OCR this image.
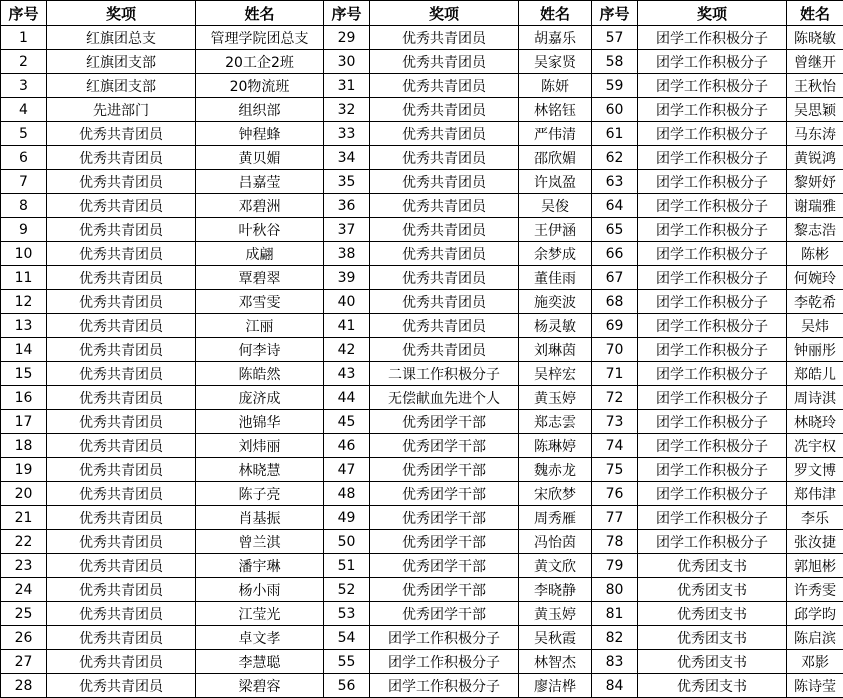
序号	奖项	姓名	序号	奖项	姓名	序号	奖项	姓名
1	红旗团总支	管理学院团总支	29	优秀共青团员	胡嘉乐	57	团学工作积极分子	陈晓敏
2	红旗团支部	20工企2班	30	优秀共青团员	吴家贤	58	团学工作积极分子	曾继开
3	红旗团支部	20物流班	31	优秀共青团员	陈妍	59	团学工作积极分子	王秋怡
4	先进部门	组织部	32	优秀共青团员	林铭钰	60	团学工作积极分子	吴思颖
5	优秀共青团员	钟程蜂	33	优秀共青团员	严伟清	61	团学工作积极分子	马东涛
6	优秀共青团员	黄贝媚	34	优秀共青团员	邵欣媚	62	团学工作积极分子	黄锐鸿
7	优秀共青团员	吕嘉莹	35	优秀共青团员	许岚盈	63	团学工作积极分子	黎妍妤
8	优秀共青团员	邓碧洲	36	优秀共青团员	吴俊	64	团学工作积极分子	谢瑞雅
9	优秀共青团员	叶秋谷	37	优秀共青团员	王伊涵	65	团学工作积极分子	黎志浩
10	优秀共青团员	成翩	38	优秀共青团员	余梦成	66	团学工作积极分子	陈彬
11	优秀共青团员	覃碧翠	39	优秀共青团员	董佳雨	67	团学工作积极分子	何婉玲
12	优秀共青团员	邓雪雯	40	优秀共青团员	施奕波	68	团学工作积极分子	李乾希
13	优秀共青团员	江丽	41	优秀共青团员	杨灵敏	69	团学工作积极分子	吴炜
14	优秀共青团员	何李诗	42	优秀共青团员	刘琳茵	70	团学工作积极分子	钟丽彤
15	优秀共青团员	陈皓然	43	二课工作积极分子	吴梓宏	71	团学工作积极分子	郑皓儿
16	优秀共青团员	庞济成	44	无偿献血先进个人	黄玉婷	72	团学工作积极分子	周诗淇
17	优秀共青团员	池锦华	45	优秀团学干部	郑志雲	73	团学工作积极分子	林晓玲
18	优秀共青团员	刘炜丽	46	优秀团学干部	陈琳婷	74	团学工作积极分子	冼宇权
19	优秀共青团员	林晓慧	47	优秀团学干部	魏赤龙	75	团学工作积极分子	罗文博
20	优秀共青团员	陈子亮	48	优秀团学干部	宋欣梦	76	团学工作积极分子	郑伟津
21	优秀共青团员	肖基振	49	优秀团学干部	周秀雁	77	团学工作积极分子	李乐
22	优秀共青团员	曾兰淇	50	优秀团学干部	冯怡茵	78	团学工作积极分子	张汝捷
23	优秀共青团员	潘宇琳	51	优秀团学干部	黄文欣	79	优秀团支书	郭旭彬
24	优秀共青团员	杨小雨	52	优秀团学干部	李晓静	80	优秀团支书	许秀雯
25	优秀共青团员	江莹光	53	优秀团学干部	黄玉婷	81	优秀团支书	邱学昀
26	优秀共青团员	卓文孝	54	团学工作积极分子	吴秋霞	82	优秀团支书	陈启滨
27	优秀共青团员	李慧聪	55	团学工作积极分子	林智杰	83	优秀团支书	邓影
28	优秀共青团员	梁碧容	56	团学工作积极分子	廖洁桦	84	优秀团支书	陈诗莹
